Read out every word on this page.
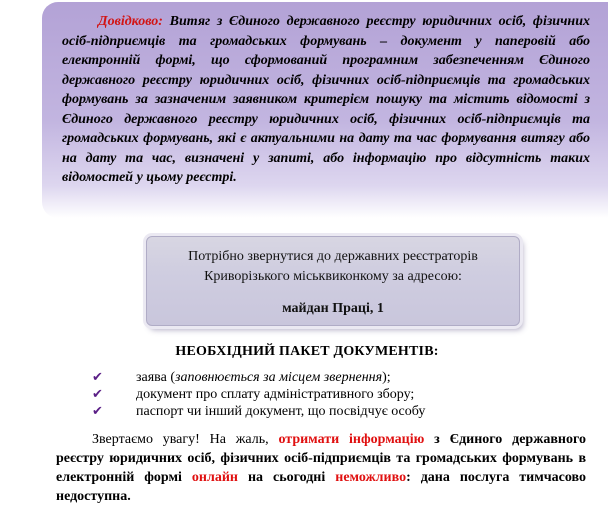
Довідково: Витяг з Єдиного державного реєстру юридичних осіб, фізичних осіб-підприємців та громадських формувань – документ у паперовій або електронній формі, що сформований програмним забезпеченням Єдиного державного реєстру юридичних осіб, фізичних осіб-підприємців та громадських формувань за зазначеним заявником критерієм пошуку та містить відомості з Єдиного державного реєстру юридичних осіб, фізичних осіб-підприємців та громадських формувань, які є актуальними на дату та час формування витягу або на дату та час, визначені у запиті, або інформацію про відсутність таких відомостей у цьому реєстрі.

Потрібно звернутися до державних реєстраторів
Криворізького міськвиконкому за адресою:
майдан Праці, 1
НЕОБХІДНИЙ ПАКЕТ ДОКУМЕНТІВ:
✔ заява (заповнюється за місцем звернення);
✔ документ про сплату адміністративного збору;
✔ паспорт чи інший документ, що посвідчує особу

Звертаємо увагу! На жаль, отримати інформацію з Єдиного державного реєстру юридичних осіб, фізичних осіб-підприємців та громадських формувань в електронній формі онлайн на сьогодні неможливо: дана послуга тимчасово недоступна.
